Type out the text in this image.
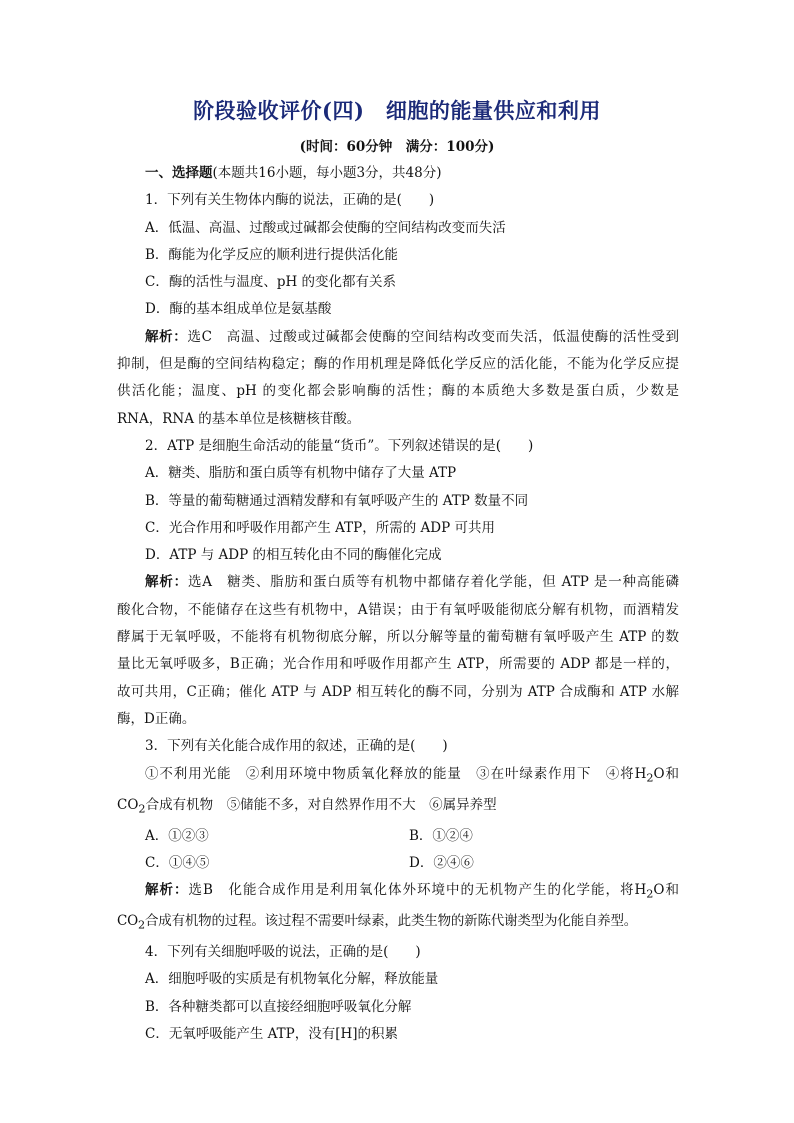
阶段验收评价(四)　细胞的能量供应和利用
(时间：60分钟　满分：100分)
一、选择题(本题共16小题，每小题3分，共48分)
1．下列有关生物体内酶的说法，正确的是(　　)
A．低温、高温、过酸或过碱都会使酶的空间结构改变而失活
B．酶能为化学反应的顺利进行提供活化能
C．酶的活性与温度、pH 的变化都有关系
D．酶的基本组成单位是氨基酸
解析：选C　高温、过酸或过碱都会使酶的空间结构改变而失活，低温使酶的活性受到
抑制，但是酶的空间结构稳定；酶的作用机理是降低化学反应的活化能，不能为化学反应提
供活化能；温度、pH 的变化都会影响酶的活性；酶的本质绝大多数是蛋白质，少数是
RNA，RNA 的基本单位是核糖核苷酸。
2．ATP 是细胞生命活动的能量“货币”。下列叙述错误的是(　　)
A．糖类、脂肪和蛋白质等有机物中储存了大量 ATP
B．等量的葡萄糖通过酒精发酵和有氧呼吸产生的 ATP 数量不同
C．光合作用和呼吸作用都产生 ATP，所需的 ADP 可共用
D．ATP 与 ADP 的相互转化由不同的酶催化完成
解析：选A　糖类、脂肪和蛋白质等有机物中都储存着化学能，但 ATP 是一种高能磷
酸化合物，不能储存在这些有机物中，A错误；由于有氧呼吸能彻底分解有机物，而酒精发
酵属于无氧呼吸，不能将有机物彻底分解，所以分解等量的葡萄糖有氧呼吸产生 ATP 的数
量比无氧呼吸多，B正确；光合作用和呼吸作用都产生 ATP，所需要的 ADP 都是一样的，
故可共用，C正确；催化 ATP 与 ADP 相互转化的酶不同，分别为 ATP 合成酶和 ATP 水解
酶，D正确。
3．下列有关化能合成作用的叙述，正确的是(　　)
①不利用光能　②利用环境中物质氧化释放的能量　③在叶绿素作用下　④将$H_2O$和
$CO_2$合成有机物　⑤储能不多，对自然界作用不大　⑥属异养型
A．①②③	B．①②④
C．①④⑤	D．②④⑥
解析：选B　化能合成作用是利用氧化体外环境中的无机物产生的化学能，将$H_2O$和
$CO_2$合成有机物的过程。该过程不需要叶绿素，此类生物的新陈代谢类型为化能自养型。
4．下列有关细胞呼吸的说法，正确的是(　　)
A．细胞呼吸的实质是有机物氧化分解，释放能量
B．各种糖类都可以直接经细胞呼吸氧化分解
C．无氧呼吸能产生 ATP，没有[H]的积累
